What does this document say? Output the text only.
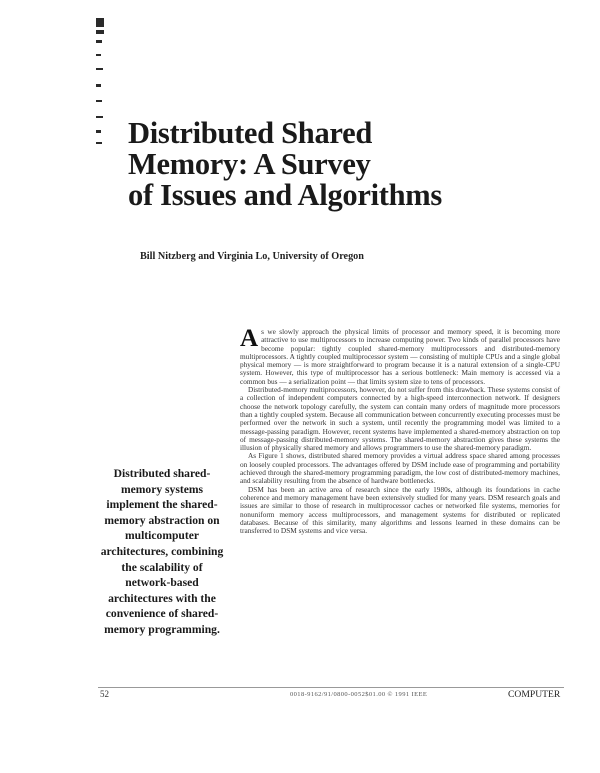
Distributed Shared
Memory: A Survey
of Issues and Algorithms
Bill Nitzberg and Virginia Lo, University of Oregon
Distributed shared-memory systems implement the shared-memory abstraction on multicomputer architectures, combining the scalability of network-based architectures with the convenience of shared-memory programming.

As we slowly approach the physical limits of processor and memory speed, it is becoming more attractive to use multiprocessors to increase computing power. Two kinds of parallel processors have become popular: tightly coupled shared-memory multiprocessors and distributed-memory multiprocessors. A tightly coupled multiprocessor system — consisting of multiple CPUs and a single global physical memory — is more straightforward to program because it is a natural extension of a single-CPU system. However, this type of multiprocessor has a serious bottleneck: Main memory is accessed via a common bus — a serialization point — that limits system size to tens of processors.

Distributed-memory multiprocessors, however, do not suffer from this drawback. These systems consist of a collection of independent computers connected by a high-speed interconnection network. If designers choose the network topology carefully, the system can contain many orders of magnitude more processors than a tightly coupled system. Because all communication between concurrently executing processes must be performed over the network in such a system, until recently the programming model was limited to a message-passing paradigm. However, recent systems have implemented a shared-memory abstraction on top of message-passing distributed-memory systems. The shared-memory abstraction gives these systems the illusion of physically shared memory and allows programmers to use the shared-memory paradigm.

As Figure 1 shows, distributed shared memory provides a virtual address space shared among processes on loosely coupled processors. The advantages offered by DSM include ease of programming and portability achieved through the shared-memory programming paradigm, the low cost of distributed-memory machines, and scalability resulting from the absence of hardware bottlenecks.

DSM has been an active area of research since the early 1980s, although its foundations in cache coherence and memory management have been extensively studied for many years. DSM research goals and issues are similar to those of research in multiprocessor caches or networked file systems, memories for nonuniform memory access multiprocessors, and management systems for distributed or replicated databases. Because of this similarity, many algorithms and lessons learned in these domains can be transferred to DSM systems and vice versa.

52	0018-9162/91/0800-0052$01.00 © 1991 IEEE	COMPUTER
